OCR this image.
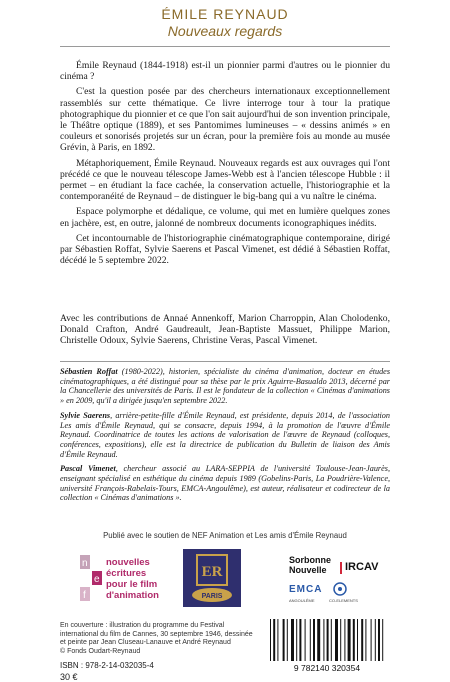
ÉMILE REYNAUD
Nouveaux regards

Émile Reynaud (1844-1918) est-il un pionnier parmi d'autres ou le pionnier du cinéma ?

C'est la question posée par des chercheurs internationaux exceptionnellement rassemblés sur cette thématique. Ce livre interroge tour à tour la pratique photographique du pionnier et ce que l'on sait aujourd'hui de son invention principale, le Théâtre optique (1889), et ses Pantomimes lumineuses – « dessins animés » en couleurs et sonorisés projetés sur un écran, pour la première fois au monde au musée Grévin, à Paris, en 1892.

Métaphoriquement, Émile Reynaud. Nouveaux regards est aux ouvrages qui l'ont précédé ce que le nouveau télescope James-Webb est à l'ancien télescope Hubble : il permet – en étudiant la face cachée, la conservation actuelle, l'historiographie et la contemporanéité de Reynaud – de distinguer le big-bang qui a vu naître le cinéma.

Espace polymorphe et dédalique, ce volume, qui met en lumière quelques zones en jachère, est, en outre, jalonné de nombreux documents iconographiques inédits.

Cet incontournable de l'historiographie cinématographique contemporaine, dirigé par Sébastien Roffat, Sylvie Saerens et Pascal Vimenet, est dédié à Sébastien Roffat, décédé le 5 septembre 2022.

Avec les contributions de Annaé Annenkoff, Marion Charroppin, Alan Cholodenko, Donald Crafton, André Gaudreault, Jean-Baptiste Massuet, Philippe Marion, Christelle Odoux, Sylvie Saerens, Christine Veras, Pascal Vimenet.

Sébastien Roffat (1980-2022), historien, spécialiste du cinéma d'animation, docteur en études cinématographiques, a été distingué pour sa thèse par le prix Aguirre-Basualdo 2013, décerné par la Chancellerie des universités de Paris. Il est le fondateur de la collection « Cinémas d'animations » en 2009, qu'il a dirigée jusqu'en septembre 2022.

Sylvie Saerens, arrière-petite-fille d'Émile Reynaud, est présidente, depuis 2014, de l'association Les amis d'Émile Reynaud, qui se consacre, depuis 1994, à la promotion de l'œuvre d'Émile Reynaud. Coordinatrice de toutes les actions de valorisation de l'œuvre de Reynaud (colloques, conférences, expositions), elle est la directrice de publication du Bulletin de liaison des Amis d'Émile Reynaud.

Pascal Vimenet, chercheur associé au LARA-SEPPIA de l'université Toulouse-Jean-Jaurès, enseignant spécialisé en esthétique du cinéma depuis 1989 (Gobelins-Paris, La Poudrière-Valence, université François-Rabelais-Tours, EMCA-Angoulême), est auteur, réalisateur et codirecteur de la collection « Cinémas d'animations ».

Publié avec le soutien de NEF Animation et Les amis d'Émile Reynaud
n
e
f
nouvelles
écritures
pour le film
d'animation
ER
PARIS
Sorbonne
Nouvelle	IRCAV
EMCA
ANGOULÊME	CO-ELEMENTS
En couverture : illustration du programme du Festival international du film de Cannes, 30 septembre 1946, dessinée et peinte par Jean Cluseau-Lanauve et André Reynaud
© Fonds Oudart-Reynaud
ISBN : 978-2-14-032035-4
30 €
9 782140 320354
